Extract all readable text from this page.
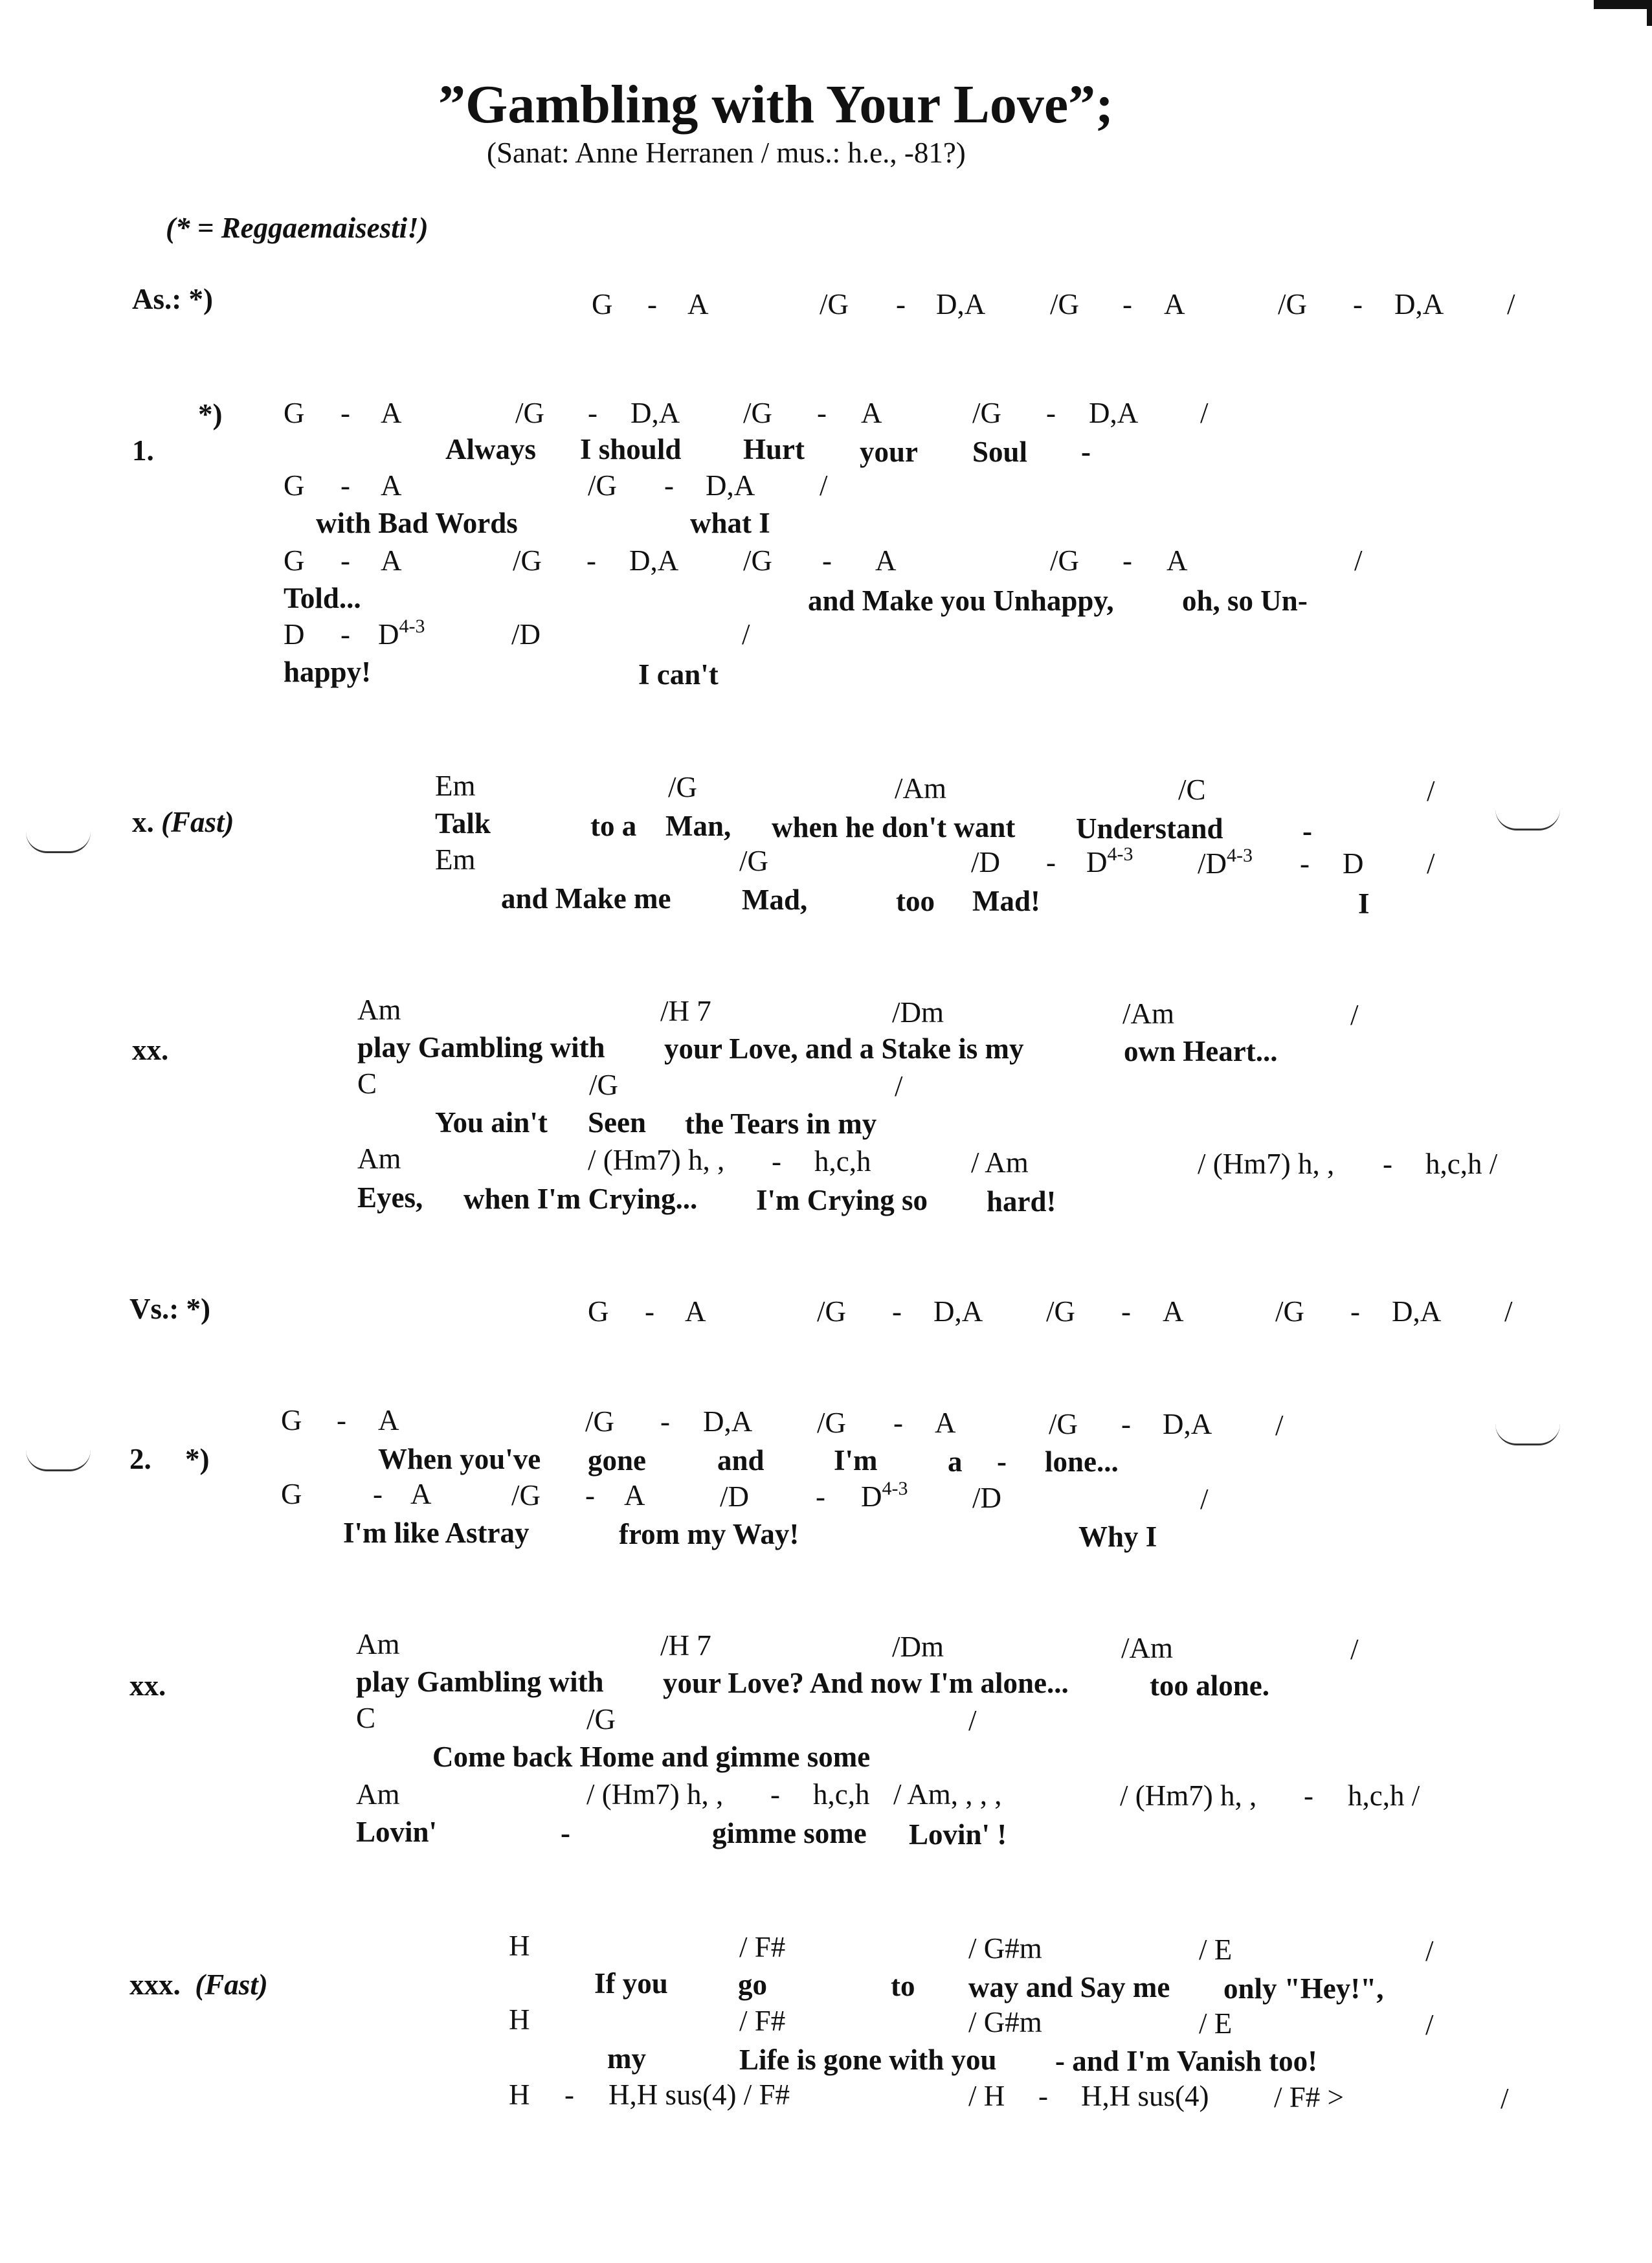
”Gambling with Your Love”;
(Sanat: Anne Herranen / mus.: h.e., -81?)
(* = Reggaemaisesti!)
As.: *)	G - A	/G - D,A /G - A	/G - D,A /
*)
1.
G - A	/G - D,A /G - A	/G - D,A /
Always I should Hurt your Soul -
G - A	/G - D,A /
with Bad Words	what I
G - A	/G - D,A /G - A	/G - A	/
Told...	and Make you Unhappy, oh, so Un-
D - $D^{4-3}$	/D	/
happy!	I can't
x. (Fast)
Em	/G	/Am	/C	/
Talk	to a Man, when he don't want Understand	-
Em	/G	$/D - D^{4-3}$ $/D^{4-3}$ - D /
and Make me Mad,	too Mad!	I
xx.
Am	/H 7	/Dm	/Am	/
play Gambling with your Love, and a Stake is my	own Heart...
C	/G	/
You ain't Seen the Tears in my
Am	/ (Hm7) h, , - h,c,h	/ Am	/ (Hm7) h, , - h,c,h /
Eyes, when I'm Crying... I'm Crying so hard!
Vs.: *)	G - A	/G - D,A /G - A	/G - D,A /
2. *)
G - A	/G - D,A /G - A	/G - D,A /
When you've gone and I'm a - lone...
G - A	/G - A	$/D - D^{4-3}$ /D	/
I'm like Astray	from my Way!	Why I
xx.
Am	/H 7	/Dm	/Am	/
play Gambling with your Love? And now I'm alone...	too alone.
C	/G	/
Come back Home and gimme some
Am	/ (Hm7) h, , - h,c,h / Am, , , ,	/ (Hm7) h, , - h,c,h /
Lovin'	-	gimme some Lovin' !
xxx. (Fast)
H	/ F#	/ G#m	/ E	/
If you go	to way and Say me only "Hey!",
H	/ F#	/ G#m	/ E	/
my	Life is gone with you - and I'm Vanish too!
H - H,H sus(4) / F#	/ H - H,H sus(4) / F# >	/
